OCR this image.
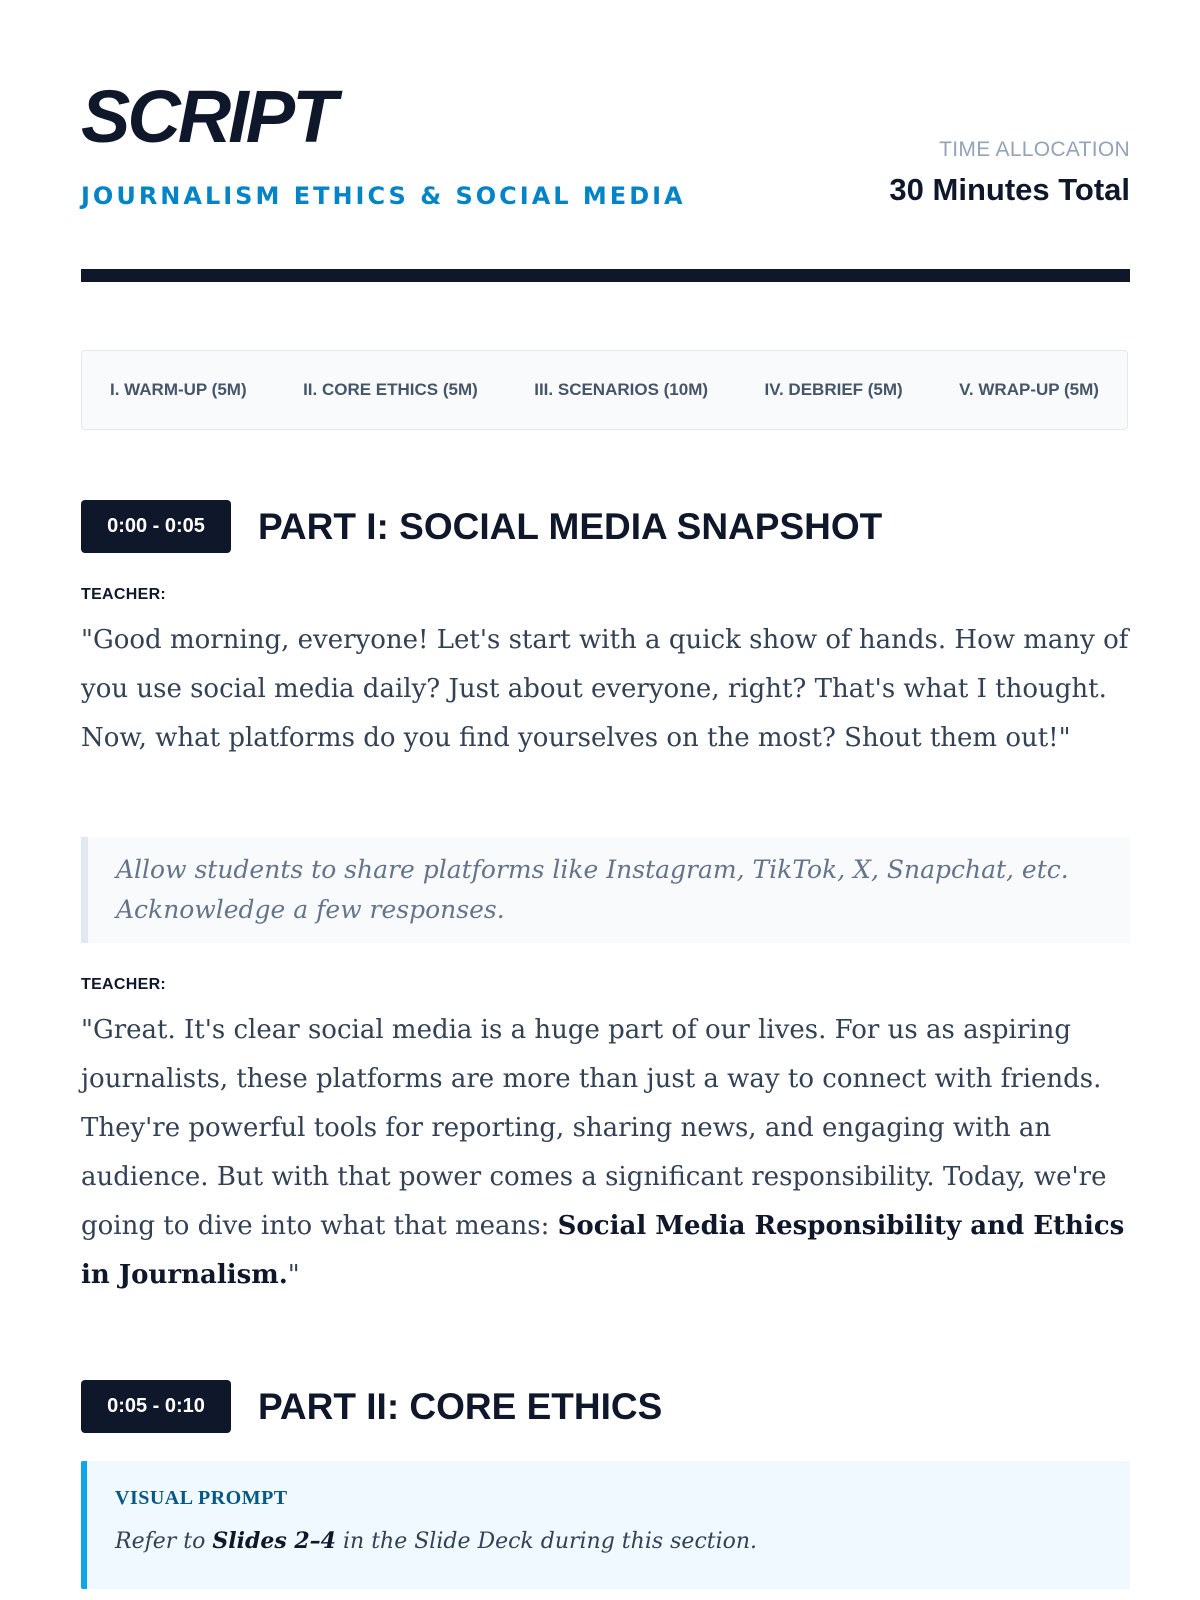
SCRIPT

JOURNALISM ETHICS & SOCIAL MEDIA

TIME ALLOCATION
30 Minutes Total
I. WARM-UP (5M)	II. CORE ETHICS (5M)	III. SCENARIOS (10M)	IV. DEBRIEF (5M)	V. WRAP-UP (5M)
0:00 - 0:05	PART I: SOCIAL MEDIA SNAPSHOT

TEACHER:

"Good morning, everyone! Let's start with a quick show of hands. How many of you use social media daily? Just about everyone, right? That's what I thought. Now, what platforms do you find yourselves on the most? Shout them out!"

Allow students to share platforms like Instagram, TikTok, X, Snapchat, etc. Acknowledge a few responses.

TEACHER:

"Great. It's clear social media is a huge part of our lives. For us as aspiring journalists, these platforms are more than just a way to connect with friends. They're powerful tools for reporting, sharing news, and engaging with an audience. But with that power comes a significant responsibility. Today, we're going to dive into what that means: Social Media Responsibility and Ethics in Journalism."

0:05 - 0:10	PART II: CORE ETHICS

VISUAL PROMPT

Refer to Slides 2–4 in the Slide Deck during this section.
